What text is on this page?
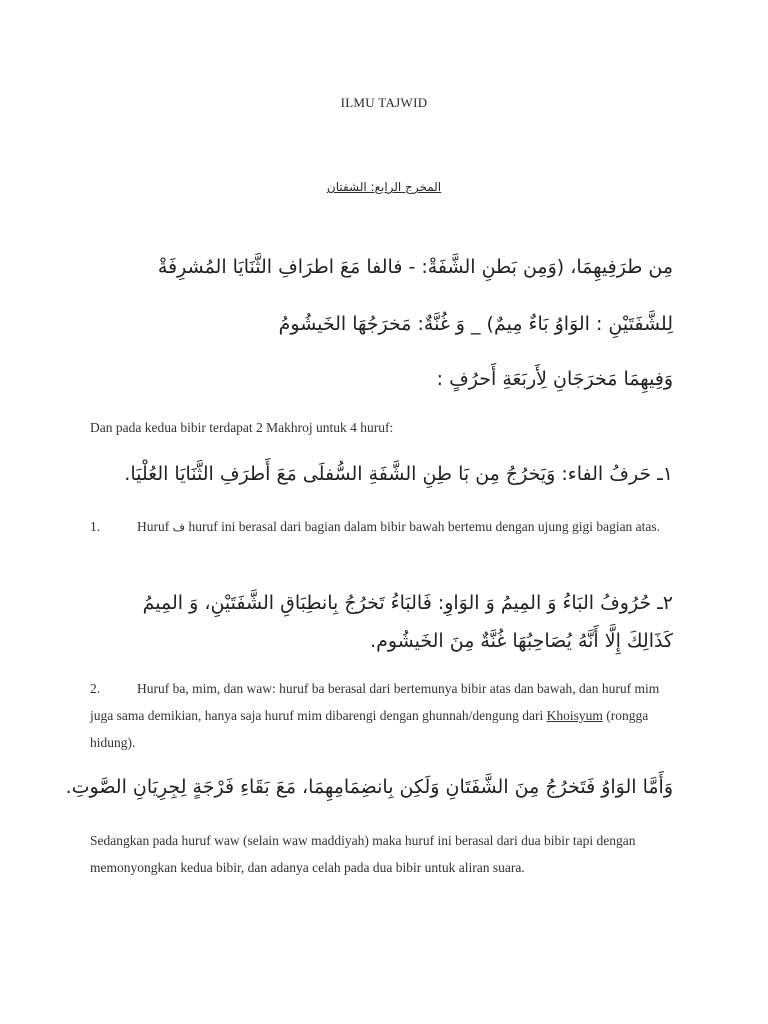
ILMU TAJWID
المخرج الرابع: الشفتان
مِن طرَفِيهِمَا، (وَمِن بَطنِ الشَّفَةْ: - فالفا مَعَ اطرَافِ الثَّنَايَا المُشرِفَةْ
لِلشَّفَتَيْنِ : الوَاوُ بَاءٌ مِيمٌ) _ وَ غُنَّةٌ: مَخرَجُهَا الخَيشُومُ
وَفِيهِمَا مَخرَجَانِ لِأَربَعَةِ أَحرُفٍ :
Dan pada kedua bibir terdapat 2 Makhroj untuk 4 huruf:
١ـ حَرفُ الفاء: وَيَخرُجُ مِن بَا طِنِ الشَّفَةِ السُّفلَى مَعَ أَطرَفِ الثَّنَايَا العُلْيَا.
1.	Huruf ف huruf ini berasal dari bagian dalam bibir bawah bertemu dengan ujung gigi bagian atas.
٢ـ حُرُوفُ البَاءُ وَ المِيمُ وَ الوَاوِ: فَالبَاءُ تَخرُجُ بِانطِبَاقِ الشَّفَتَيْنِ، وَ المِيمُ كَذَالِكَ إِلَّا أَنَّهُ يُصَاحِبُهَا غُنَّةٌ مِنَ الخَيشُوم.
2.	Huruf ba, mim, dan waw: huruf ba berasal dari bertemunya bibir atas dan bawah, dan huruf mim juga sama demikian, hanya saja huruf mim dibarengi dengan ghunnah/dengung dari Khoisyum (rongga hidung).
وَأَمَّا الوَاوُ فَتَخرُجُ مِنَ الشَّفَتَانِ وَلَكِن بِانضِمَامِهِمَا، مَعَ بَقَاءِ فَرْجَةٍ لِجِرِيَانِ الصَّوتِ.
Sedangkan pada huruf waw (selain waw maddiyah) maka huruf ini berasal dari dua bibir tapi dengan memonyongkan kedua bibir, dan adanya celah pada dua bibir untuk aliran suara.
